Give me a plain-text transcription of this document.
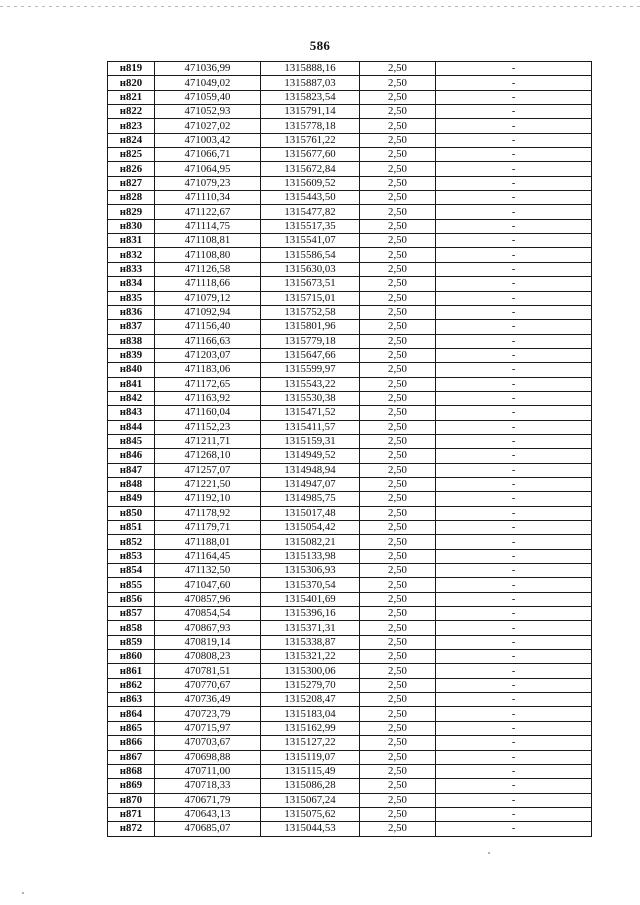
586
н819	471036,99	1315888,16	2,50	-
н820	471049,02	1315887,03	2,50	-
н821	471059,40	1315823,54	2,50	-
н822	471052,93	1315791,14	2,50	-
н823	471027,02	1315778,18	2,50	-
н824	471003,42	1315761,22	2,50	-
н825	471066,71	1315677,60	2,50	-
н826	471064,95	1315672,84	2,50	-
н827	471079,23	1315609,52	2,50	-
н828	471110,34	1315443,50	2,50	-
н829	471122,67	1315477,82	2,50	-
н830	471114,75	1315517,35	2,50	-
н831	471108,81	1315541,07	2,50	-
н832	471108,80	1315586,54	2,50	-
н833	471126,58	1315630,03	2,50	-
н834	471118,66	1315673,51	2,50	-
н835	471079,12	1315715,01	2,50	-
н836	471092,94	1315752,58	2,50	-
н837	471156,40	1315801,96	2,50	-
н838	471166,63	1315779,18	2,50	-
н839	471203,07	1315647,66	2,50	-
н840	471183,06	1315599,97	2,50	-
н841	471172,65	1315543,22	2,50	-
н842	471163,92	1315530,38	2,50	-
н843	471160,04	1315471,52	2,50	-
н844	471152,23	1315411,57	2,50	-
н845	471211,71	1315159,31	2,50	-
н846	471268,10	1314949,52	2,50	-
н847	471257,07	1314948,94	2,50	-
н848	471221,50	1314947,07	2,50	-
н849	471192,10	1314985,75	2,50	-
н850	471178,92	1315017,48	2,50	-
н851	471179,71	1315054,42	2,50	-
н852	471188,01	1315082,21	2,50	-
н853	471164,45	1315133,98	2,50	-
н854	471132,50	1315306,93	2,50	-
н855	471047,60	1315370,54	2,50	-
н856	470857,96	1315401,69	2,50	-
н857	470854,54	1315396,16	2,50	-
н858	470867,93	1315371,31	2,50	-
н859	470819,14	1315338,87	2,50	-
н860	470808,23	1315321,22	2,50	-
н861	470781,51	1315300,06	2,50	-
н862	470770,67	1315279,70	2,50	-
н863	470736,49	1315208,47	2,50	-
н864	470723,79	1315183,04	2,50	-
н865	470715,97	1315162,99	2,50	-
н866	470703,67	1315127,22	2,50	-
н867	470698,88	1315119,07	2,50	-
н868	470711,00	1315115,49	2,50	-
н869	470718,33	1315086,28	2,50	-
н870	470671,79	1315067,24	2,50	-
н871	470643,13	1315075,62	2,50	-
н872	470685,07	1315044,53	2,50	-
